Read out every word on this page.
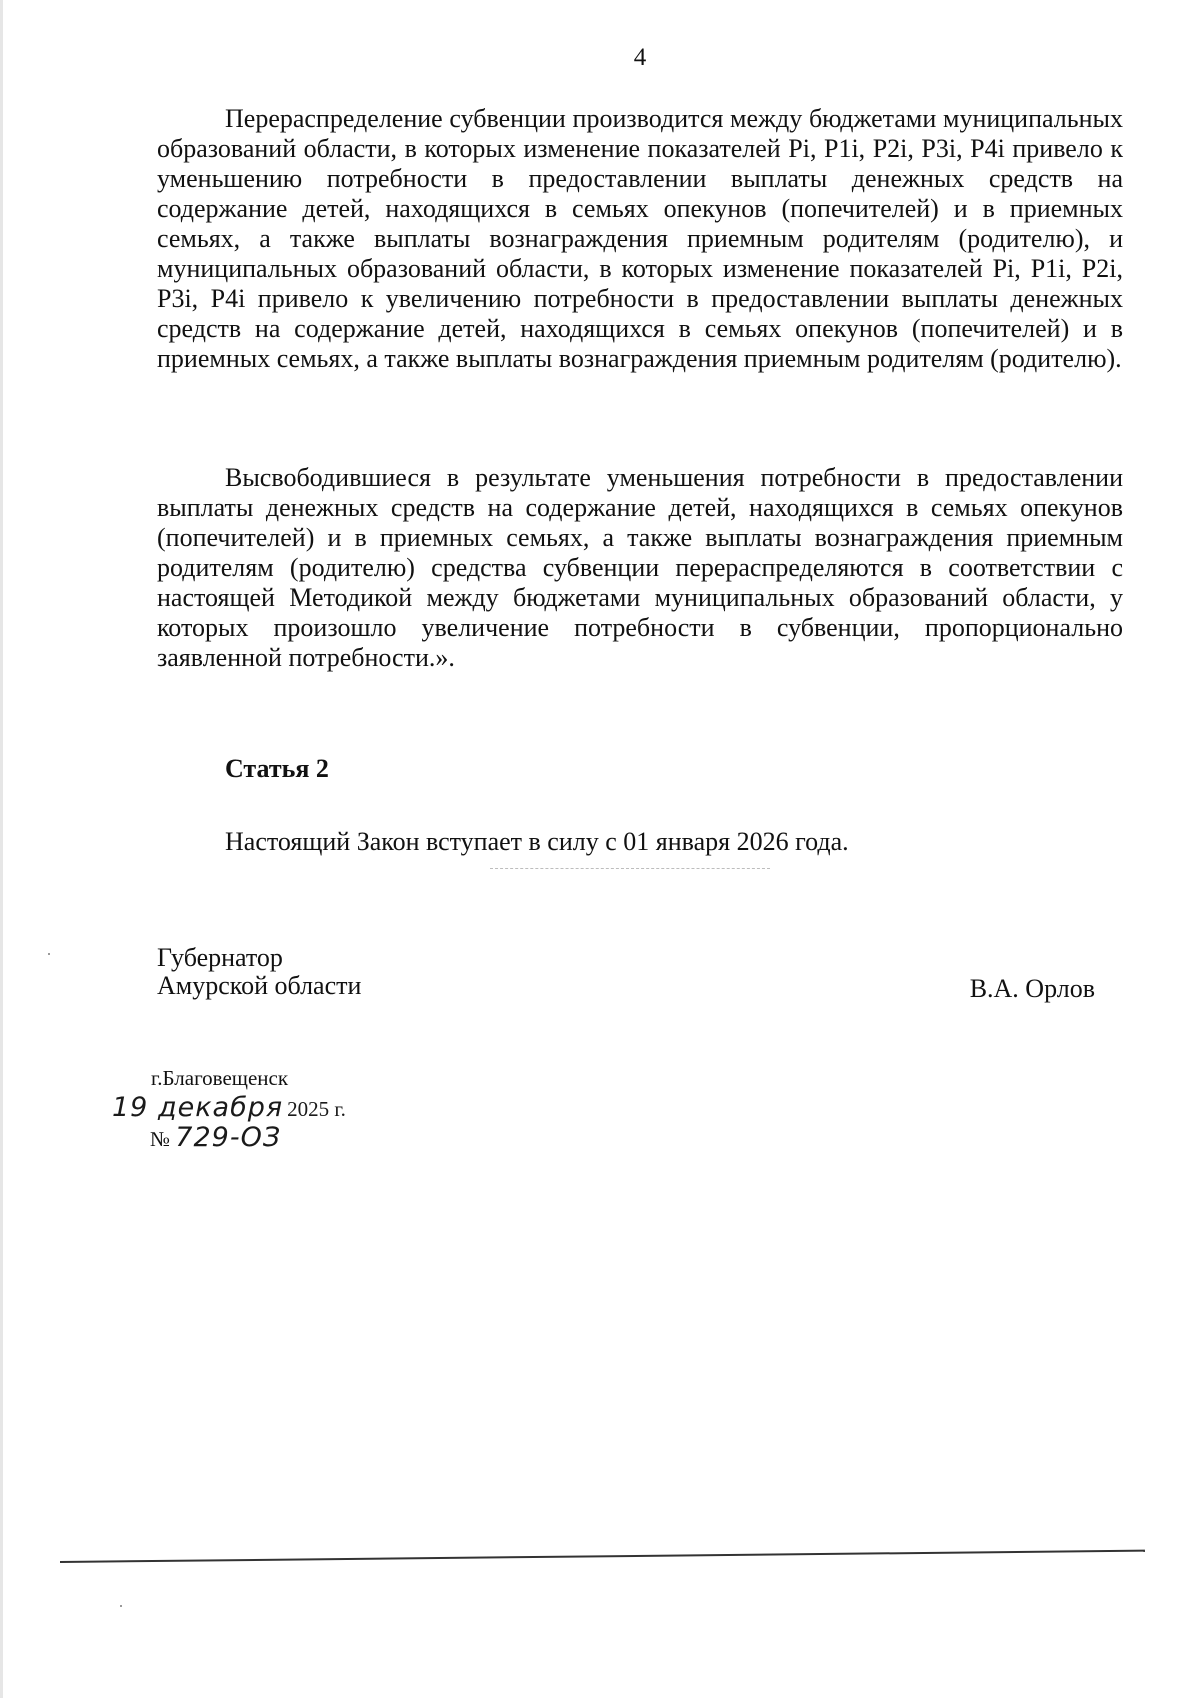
4

Перераспределение субвенции производится между бюджетами муниципальных образований области, в которых изменение показателей Pi, P1i, P2i, P3i, P4i привело к уменьшению потребности в предоставлении выплаты денежных средств на содержание детей, находящихся в семьях опекунов (попечителей) и в приемных семьях, а также выплаты вознаграждения приемным родителям (родителю), и муниципальных образований области, в которых изменение показателей Pi, P1i, P2i, P3i, P4i привело к увеличению потребности в предоставлении выплаты денежных средств на содержание детей, находящихся в семьях опекунов (попечителей) и в приемных семьях, а также выплаты вознаграждения приемным родителям (родителю).

Высвободившиеся в результате уменьшения потребности в предоставлении выплаты денежных средств на содержание детей, находящихся в семьях опекунов (попечителей) и в приемных семьях, а также выплаты вознаграждения приемным родителям (родителю) средства субвенции перераспределяются в соответствии с настоящей Методикой между бюджетами муниципальных образований области, у которых произошло увеличение потребности в субвенции, пропорционально заявленной потребности.».

Статья 2
Настоящий Закон вступает в силу с 01 января 2026 года.
Губернатор
Амурской области	В.А. Орлов
г.Благовещенск
19 декабря 2025 г.
№ 729-ОЗ
